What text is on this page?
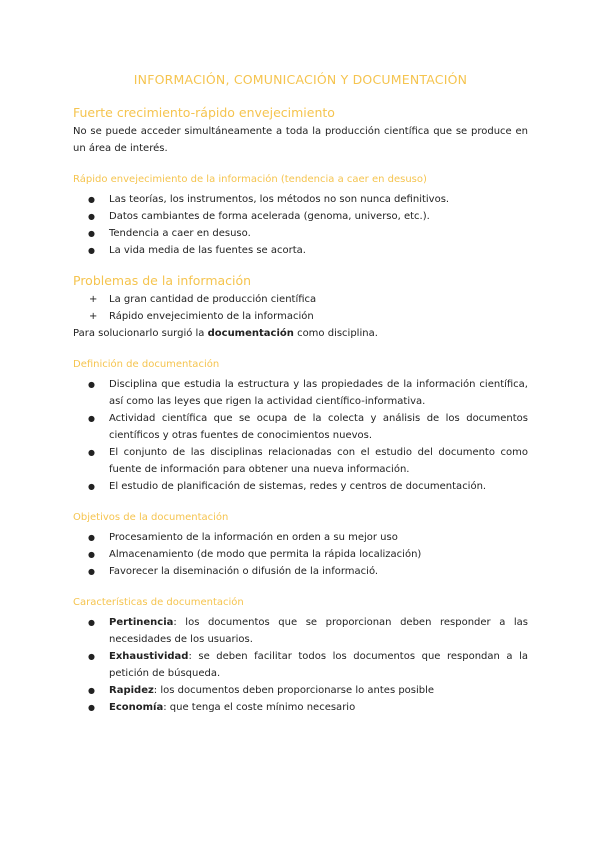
INFORMACIÓN, COMUNICACIÓN Y DOCUMENTACIÓN
Fuerte crecimiento-rápido envejecimiento

No se puede acceder simultáneamente a toda la producción científica que se produce en un área de interés.

Rápido envejecimiento de la información (tendencia a caer en desuso)
● Las teorías, los instrumentos, los métodos no son nunca definitivos.
● Datos cambiantes de forma acelerada (genoma, universo, etc.).
● Tendencia a caer en desuso.
● La vida media de las fuentes se acorta.
Problemas de la información
+ La gran cantidad de producción científica
+ Rápido envejecimiento de la información

Para solucionarlo surgió la documentación como disciplina.

Definición de documentación
● Disciplina que estudia la estructura y las propiedades de la información científica, así como las leyes que rigen la actividad científico-informativa.
● Actividad científica que se ocupa de la colecta y análisis de los documentos científicos y otras fuentes de conocimientos nuevos.
● El conjunto de las disciplinas relacionadas con el estudio del documento como fuente de información para obtener una nueva información.
● El estudio de planificación de sistemas, redes y centros de documentación.
Objetivos de la documentación
● Procesamiento de la información en orden a su mejor uso
● Almacenamiento (de modo que permita la rápida localización)
● Favorecer la diseminación o difusión de la informació.
Características de documentación
● Pertinencia: los documentos que se proporcionan deben responder a las necesidades de los usuarios.
● Exhaustividad: se deben facilitar todos los documentos que respondan a la petición de búsqueda.
● Rapidez: los documentos deben proporcionarse lo antes posible
● Economía: que tenga el coste mínimo necesario
